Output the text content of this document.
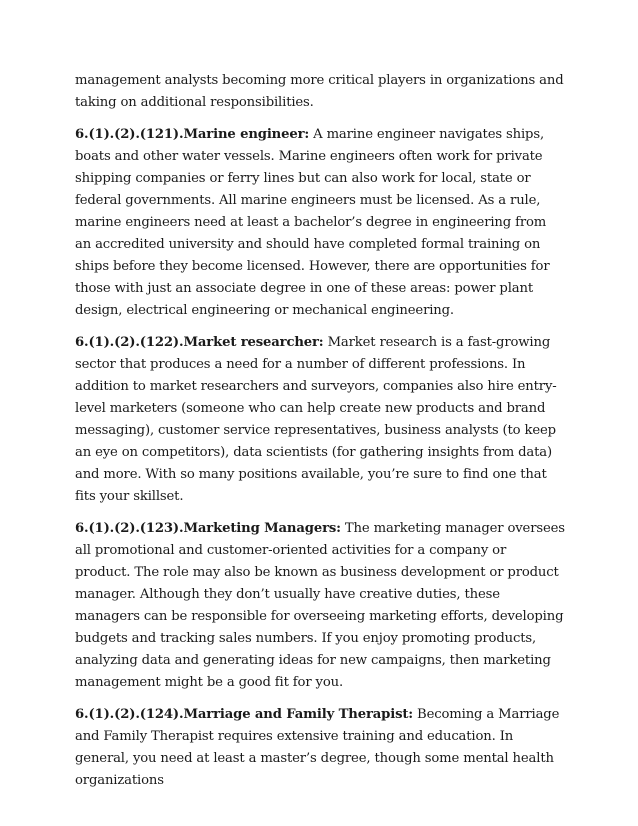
management analysts becoming more critical players in organizations and taking on additional responsibilities.

6.(1).(2).(121).Marine engineer: A marine engineer navigates ships, boats and other water vessels. Marine engineers often work for private shipping companies or ferry lines but can also work for local, state or federal governments. All marine engineers must be licensed. As a rule, marine engineers need at least a bachelor’s degree in engineering from an accredited university and should have completed formal training on ships before they become licensed. However, there are opportunities for those with just an associate degree in one of these areas: power plant design, electrical engineering or mechanical engineering.

6.(1).(2).(122).Market researcher: Market research is a fast-growing sector that produces a need for a number of different professions. In addition to market researchers and surveyors, companies also hire entry-level marketers (someone who can help create new products and brand messaging), customer service representatives, business analysts (to keep an eye on competitors), data scientists (for gathering insights from data) and more. With so many positions available, you’re sure to find one that fits your skillset.

6.(1).(2).(123).Marketing Managers: The marketing manager oversees all promotional and customer-oriented activities for a company or product. The role may also be known as business development or product manager. Although they don’t usually have creative duties, these managers can be responsible for overseeing marketing efforts, developing budgets and tracking sales numbers. If you enjoy promoting products, analyzing data and generating ideas for new campaigns, then marketing management might be a good fit for you.

6.(1).(2).(124).Marriage and Family Therapist: Becoming a Marriage and Family Therapist requires extensive training and education. In general, you need at least a master’s degree, though some mental health organizations
